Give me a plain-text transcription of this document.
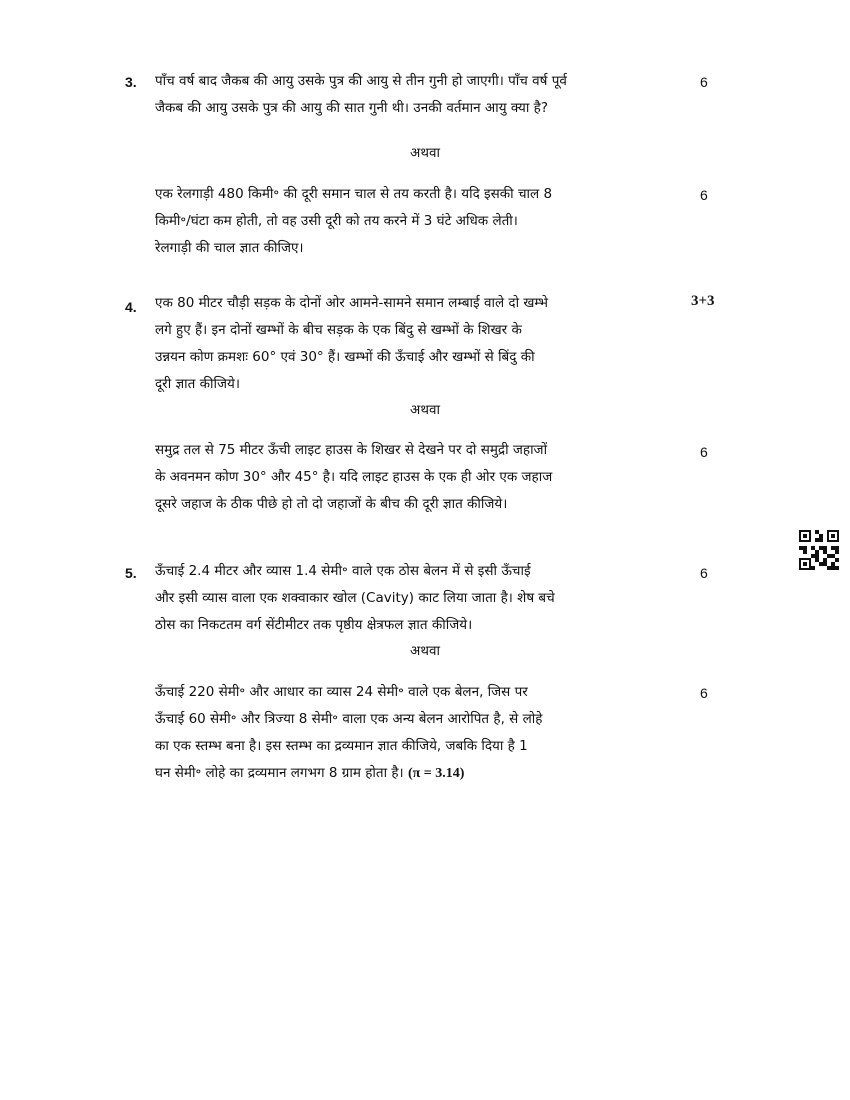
3. पाँच वर्ष बाद जैकब की आयु उसके पुत्र की आयु से तीन गुनी हो जाएगी। पाँच वर्ष पूर्व
जैकब की आयु उसके पुत्र की आयु की सात गुनी थी। उनकी वर्तमान आयु क्या है?
6
अथवा
एक रेलगाड़ी 480 किमी॰ की दूरी समान चाल से तय करती है। यदि इसकी चाल 8
किमी॰/घंटा कम होती, तो वह उसी दूरी को तय करने में 3 घंटे अधिक लेती।
रेलगाड़ी की चाल ज्ञात कीजिए।
6
4. एक 80 मीटर चौड़ी सड़क के दोनों ओर आमने-सामने समान लम्बाई वाले दो खम्भे
लगे हुए हैं। इन दोनों खम्भों के बीच सड़क के एक बिंदु से खम्भों के शिखर के
उन्नयन कोण क्रमशः 60° एवं 30° हैं। खम्भों की ऊँचाई और खम्भों से बिंदु की
दूरी ज्ञात कीजिये।
3+3
अथवा
समुद्र तल से 75 मीटर ऊँची लाइट हाउस के शिखर से देखने पर दो समुद्री जहाजों
के अवनमन कोण 30° और 45° है। यदि लाइट हाउस के एक ही ओर एक जहाज
दूसरे जहाज के ठीक पीछे हो तो दो जहाजों के बीच की दूरी ज्ञात कीजिये।
6
5. ऊँचाई 2.4 मीटर और व्यास 1.4 सेमी॰ वाले एक ठोस बेलन में से इसी ऊँचाई
और इसी व्यास वाला एक शक्वाकार खोल (Cavity) काट लिया जाता है। शेष बचे
ठोस का निकटतम वर्ग सेंटीमीटर तक पृष्ठीय क्षेत्रफल ज्ञात कीजिये।
6
अथवा
ऊँचाई 220 सेमी॰ और आधार का व्यास 24 सेमी॰ वाले एक बेलन, जिस पर
ऊँचाई 60 सेमी॰ और त्रिज्या 8 सेमी॰ वाला एक अन्य बेलन आरोपित है, से लोहे
का एक स्तम्भ बना है। इस स्तम्भ का द्रव्यमान ज्ञात कीजिये, जबकि दिया है 1
घन सेमी॰ लोहे का द्रव्यमान लगभग 8 ग्राम होता है। (π = 3.14)
6
